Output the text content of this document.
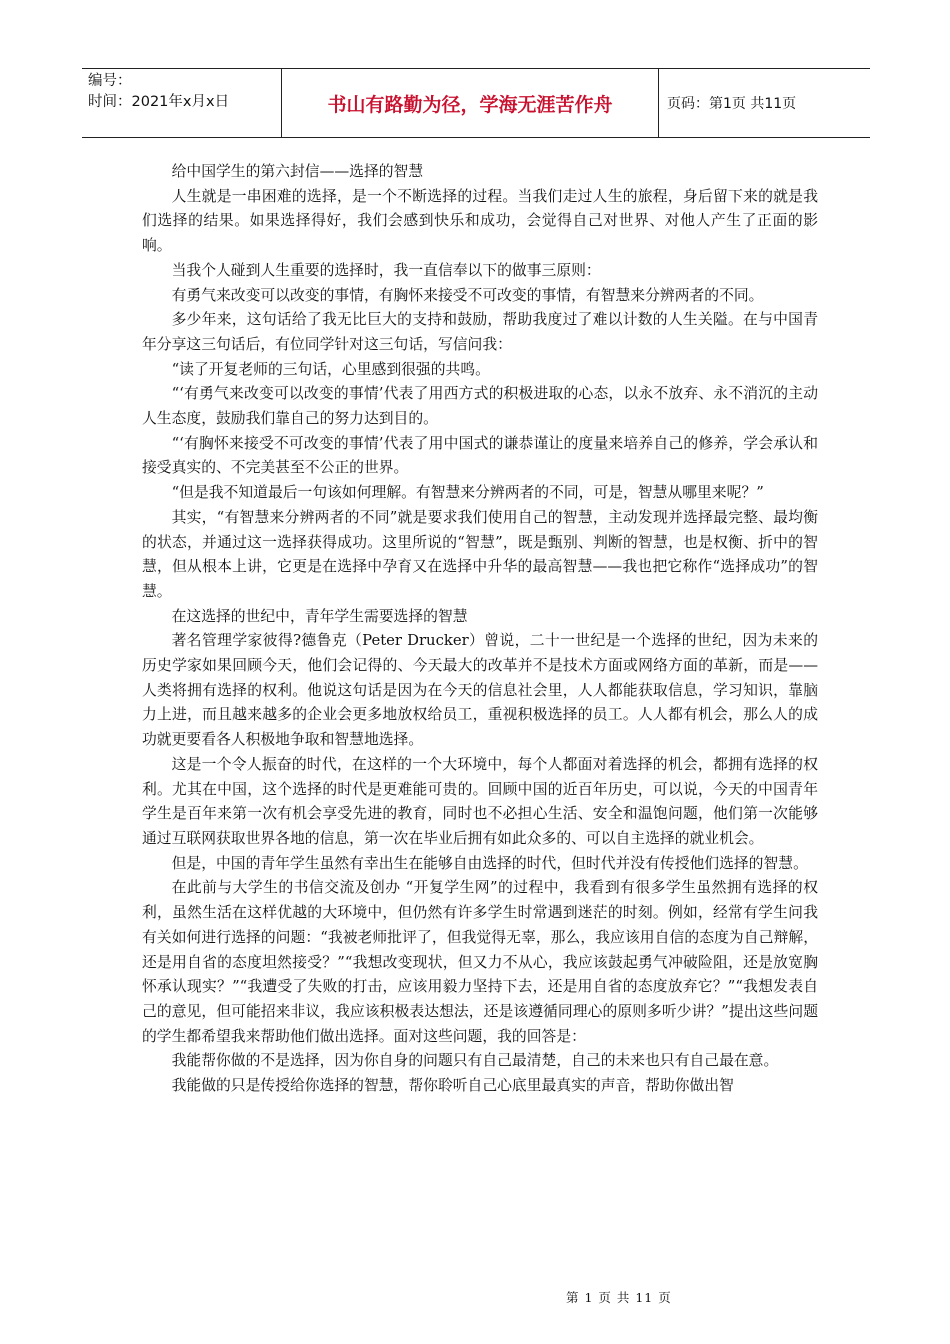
编号：
时间：2021年x月x日	书山有路勤为径，学海无涯苦作舟	页码：第1页 共11页

给中国学生的第六封信——选择的智慧

人生就是一串困难的选择，是一个不断选择的过程。当我们走过人生的旅程，身后留下来的就是我们选择的结果。如果选择得好，我们会感到快乐和成功，会觉得自己对世界、对他人产生了正面的影响。

当我个人碰到人生重要的选择时，我一直信奉以下的做事三原则：

有勇气来改变可以改变的事情，有胸怀来接受不可改变的事情，有智慧来分辨两者的不同。

多少年来，这句话给了我无比巨大的支持和鼓励，帮助我度过了难以计数的人生关隘。在与中国青年分享这三句话后，有位同学针对这三句话，写信问我：

“读了开复老师的三句话，心里感到很强的共鸣。

“‘有勇气来改变可以改变的事情’代表了用西方式的积极进取的心态，以永不放弃、永不消沉的主动人生态度，鼓励我们靠自己的努力达到目的。

“‘有胸怀来接受不可改变的事情’代表了用中国式的谦恭谨让的度量来培养自己的修养，学会承认和接受真实的、不完美甚至不公正的世界。

“但是我不知道最后一句该如何理解。有智慧来分辨两者的不同，可是，智慧从哪里来呢？”

其实，“有智慧来分辨两者的不同”就是要求我们使用自己的智慧，主动发现并选择最完整、最均衡的状态，并通过这一选择获得成功。这里所说的“智慧”，既是甄别、判断的智慧，也是权衡、折中的智慧，但从根本上讲，它更是在选择中孕育又在选择中升华的最高智慧——我也把它称作“选择成功”的智慧。

在这选择的世纪中，青年学生需要选择的智慧

著名管理学家彼得?德鲁克（Peter Drucker）曾说，二十一世纪是一个选择的世纪，因为未来的历史学家如果回顾今天，他们会记得的、今天最大的改革并不是技术方面或网络方面的革新，而是——人类将拥有选择的权利。他说这句话是因为在今天的信息社会里，人人都能获取信息，学习知识，靠脑力上进，而且越来越多的企业会更多地放权给员工，重视积极选择的员工。人人都有机会，那么人的成功就更要看各人积极地争取和智慧地选择。

这是一个令人振奋的时代，在这样的一个大环境中，每个人都面对着选择的机会，都拥有选择的权利。尤其在中国，这个选择的时代是更难能可贵的。回顾中国的近百年历史，可以说，今天的中国青年学生是百年来第一次有机会享受先进的教育，同时也不必担心生活、安全和温饱问题，他们第一次能够通过互联网获取世界各地的信息，第一次在毕业后拥有如此众多的、可以自主选择的就业机会。

但是，中国的青年学生虽然有幸出生在能够自由选择的时代，但时代并没有传授他们选择的智慧。

在此前与大学生的书信交流及创办 “开复学生网”的过程中，我看到有很多学生虽然拥有选择的权利，虽然生活在这样优越的大环境中，但仍然有许多学生时常遇到迷茫的时刻。例如，经常有学生问我有关如何进行选择的问题：“我被老师批评了，但我觉得无辜，那么，我应该用自信的态度为自己辩解，还是用自省的态度坦然接受？”“我想改变现状，但又力不从心，我应该鼓起勇气冲破险阻，还是放宽胸怀承认现实？”“我遭受了失败的打击，应该用毅力坚持下去，还是用自省的态度放弃它？”“我想发表自己的意见，但可能招来非议，我应该积极表达想法，还是该遵循同理心的原则多听少讲？”提出这些问题的学生都希望我来帮助他们做出选择。面对这些问题，我的回答是：

我能帮你做的不是选择，因为你自身的问题只有自己最清楚，自己的未来也只有自己最在意。

我能做的只是传授给你选择的智慧，帮你聆听自己心底里最真实的声音，帮助你做出智

第 1 页 共 11 页
